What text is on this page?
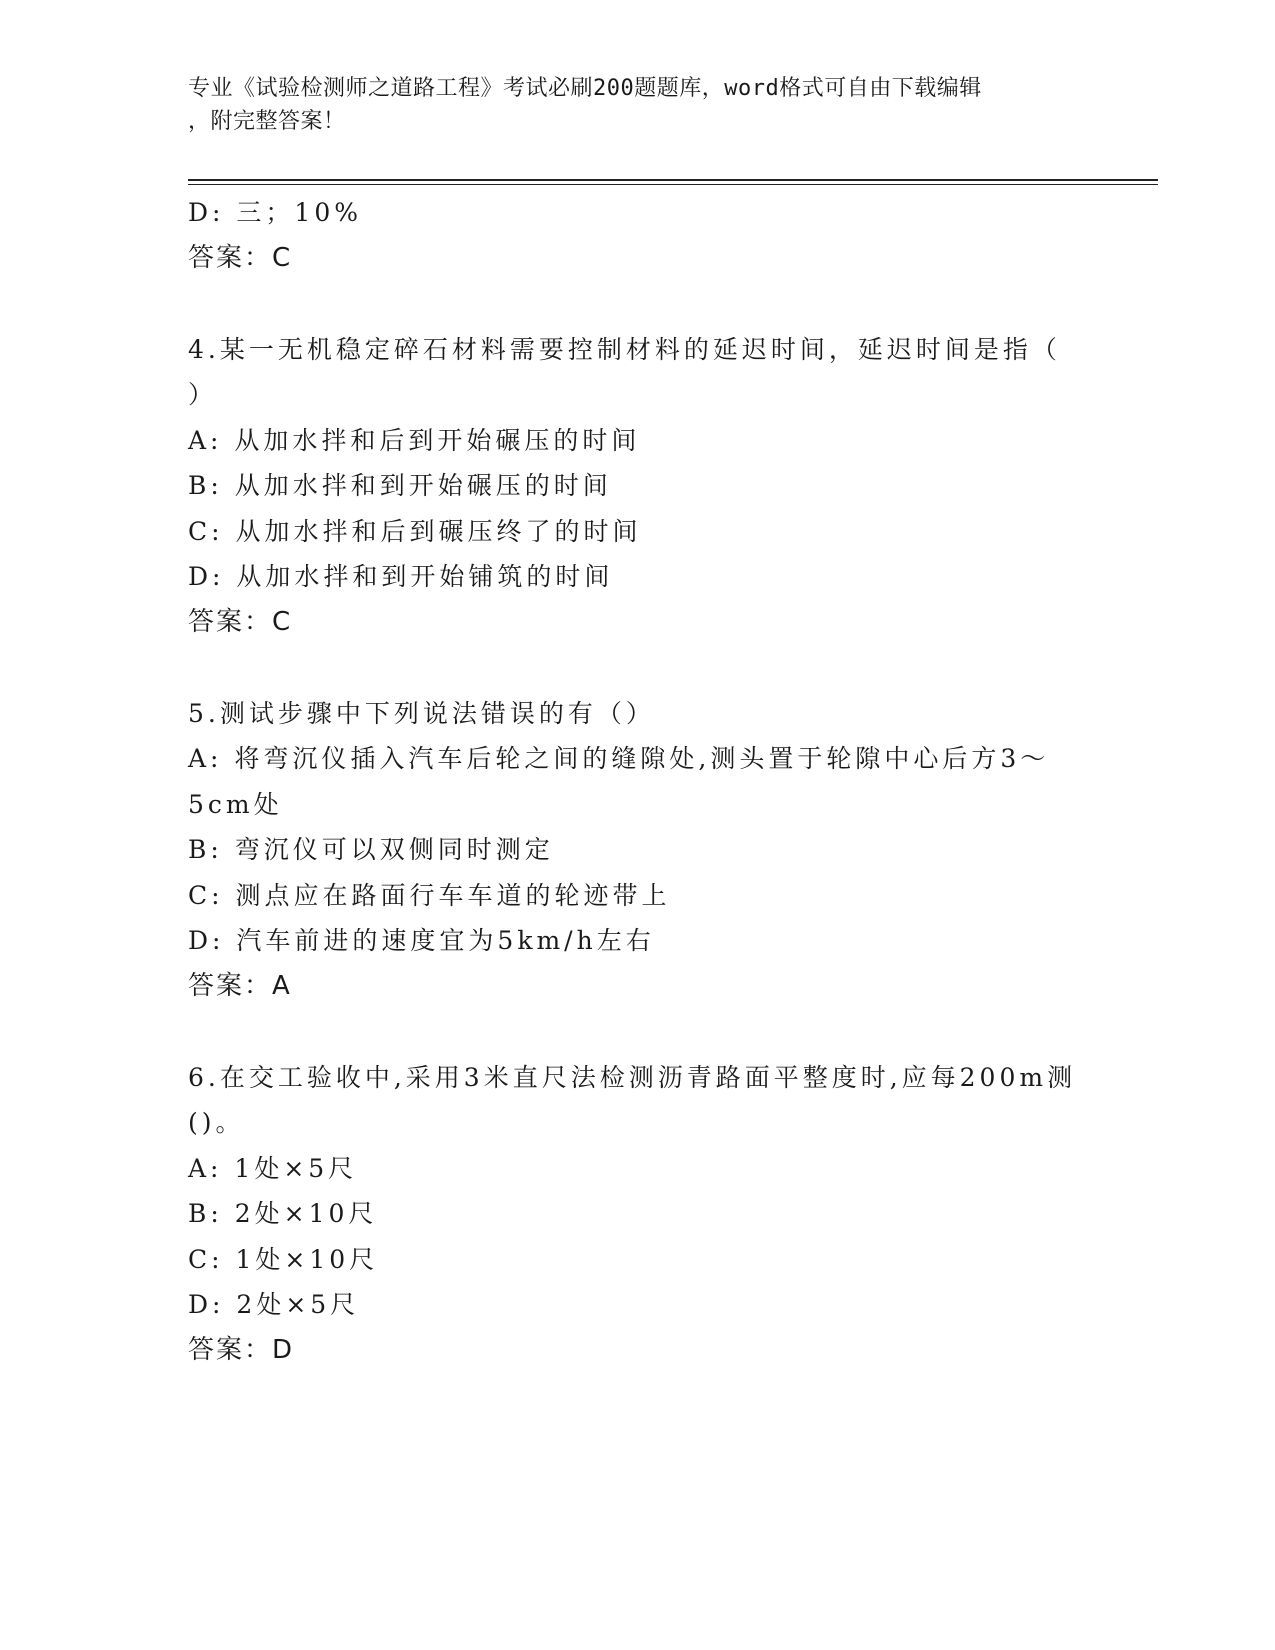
专业《试验检测师之道路工程》考试必刷200题题库，word格式可自由下载编辑
，附完整答案！
D: 三；10%
答案：C
4.某一无机稳定碎石材料需要控制材料的延迟时间，延迟时间是指（
）
A: 从加水拌和后到开始碾压的时间
B: 从加水拌和到开始碾压的时间
C: 从加水拌和后到碾压终了的时间
D: 从加水拌和到开始铺筑的时间
答案：C
5.测试步骤中下列说法错误的有（）
A: 将弯沉仪插入汽车后轮之间的缝隙处,测头置于轮隙中心后方3～
5cm处
B: 弯沉仪可以双侧同时测定
C: 测点应在路面行车车道的轮迹带上
D: 汽车前进的速度宜为5km/h左右
答案：A
6.在交工验收中,采用3米直尺法检测沥青路面平整度时,应每200m测
()。
A: 1处×5尺
B: 2处×10尺
C: 1处×10尺
D: 2处×5尺
答案：D
